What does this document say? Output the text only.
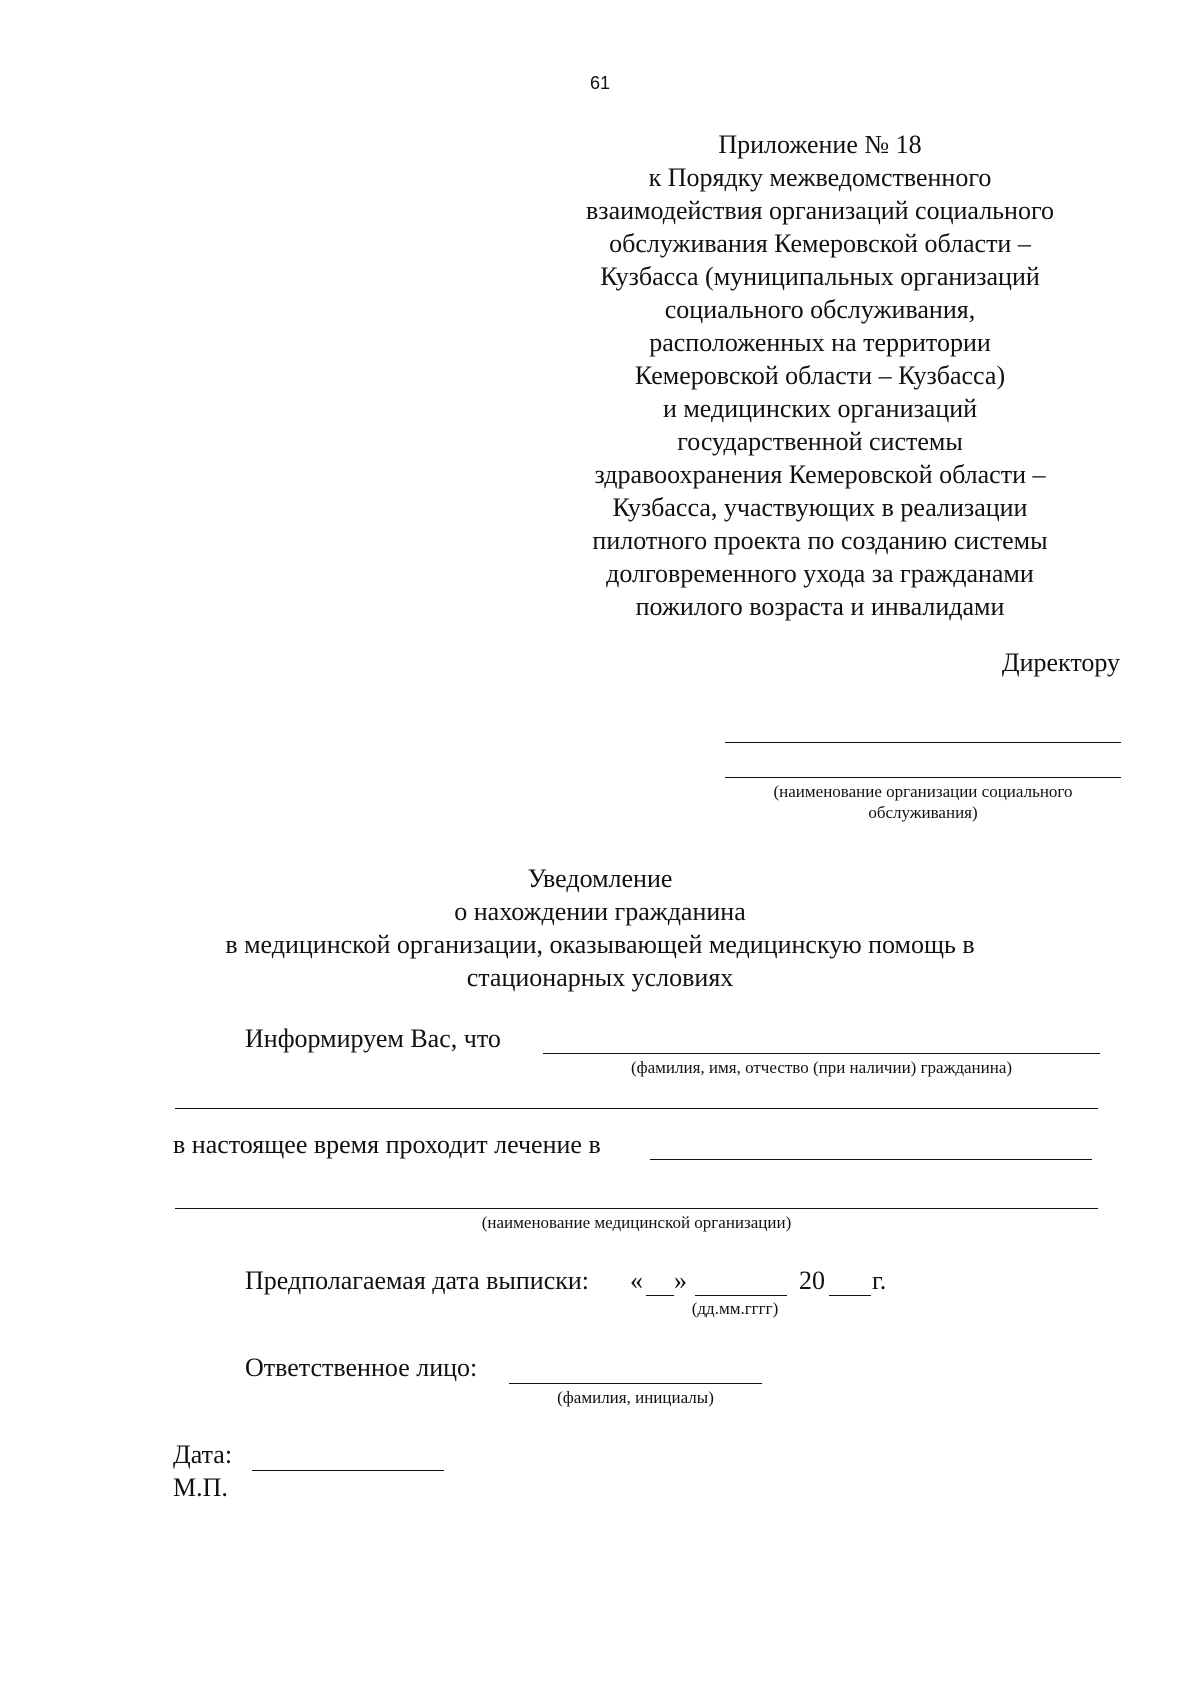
61
Приложение № 18
к Порядку межведомственного
взаимодействия организаций социального
обслуживания Кемеровской области –
Кузбасса (муниципальных организаций
социального обслуживания,
расположенных на территории
Кемеровской области – Кузбасса)
и медицинских организаций
государственной системы
здравоохранения Кемеровской области –
Кузбасса, участвующих в реализации
пилотного проекта по созданию системы
долговременного ухода за гражданами
пожилого возраста и инвалидами
Директору
(наименование организации социального
обслуживания)
Уведомление
о нахождении гражданина
в медицинской организации, оказывающей медицинскую помощь в
стационарных условиях
Информируем Вас, что
(фамилия, имя, отчество (при наличии) гражданина)
в настоящее время проходит лечение в
(наименование медицинской организации)
Предполагаемая дата выписки: « »	20 г.
(дд.мм.гггг)
Ответственное лицо:
(фамилия, инициалы)
Дата:
М.П.
